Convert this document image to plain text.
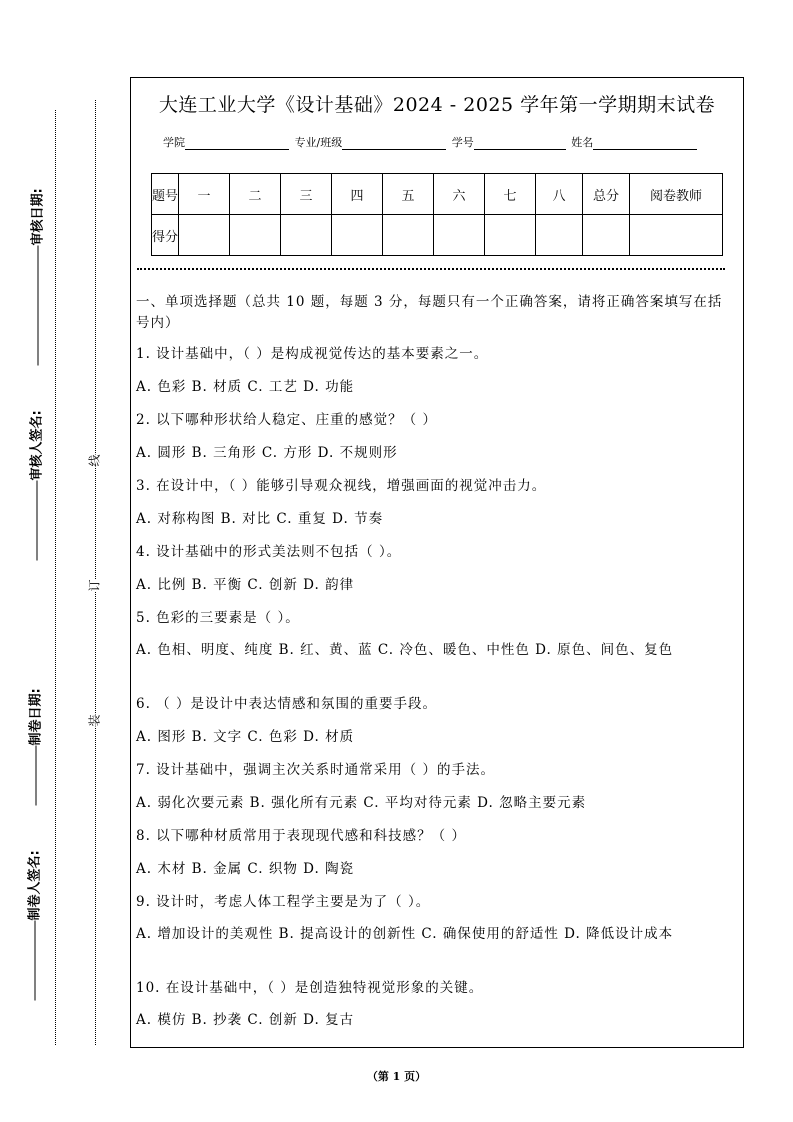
审核日期:
审核人签名:
制卷日期:
制卷人签名:
线
订
装
大连工业大学《设计基础》2024 - 2025 学年第一学期期末试卷
学院	专业/班级	学号	姓名
题号	一	二	三	四	五	六	七	八	总分	阅卷教师
得分										
一、单项选择题（总共 10 题，每题 3 分，每题只有一个正确答案，请将正确答案填写在括号内）
1. 设计基础中，（ ）是构成视觉传达的基本要素之一。
A. 色彩 B. 材质 C. 工艺 D. 功能
2. 以下哪种形状给人稳定、庄重的感觉？（ ）
A. 圆形 B. 三角形 C. 方形 D. 不规则形
3. 在设计中，（ ）能够引导观众视线，增强画面的视觉冲击力。
A. 对称构图 B. 对比 C. 重复 D. 节奏
4. 设计基础中的形式美法则不包括（ ）。
A. 比例 B. 平衡 C. 创新 D. 韵律
5. 色彩的三要素是（ ）。
A. 色相、明度、纯度 B. 红、黄、蓝 C. 冷色、暖色、中性色 D. 原色、间色、复色
6. （ ）是设计中表达情感和氛围的重要手段。
A. 图形 B. 文字 C. 色彩 D. 材质
7. 设计基础中，强调主次关系时通常采用（ ）的手法。
A. 弱化次要元素 B. 强化所有元素 C. 平均对待元素 D. 忽略主要元素
8. 以下哪种材质常用于表现现代感和科技感？（ ）
A. 木材 B. 金属 C. 织物 D. 陶瓷
9. 设计时，考虑人体工程学主要是为了（ ）。
A. 增加设计的美观性 B. 提高设计的创新性 C. 确保使用的舒适性 D. 降低设计成本
10. 在设计基础中，（ ）是创造独特视觉形象的关键。
A. 模仿 B. 抄袭 C. 创新 D. 复古
（第 1 页）
